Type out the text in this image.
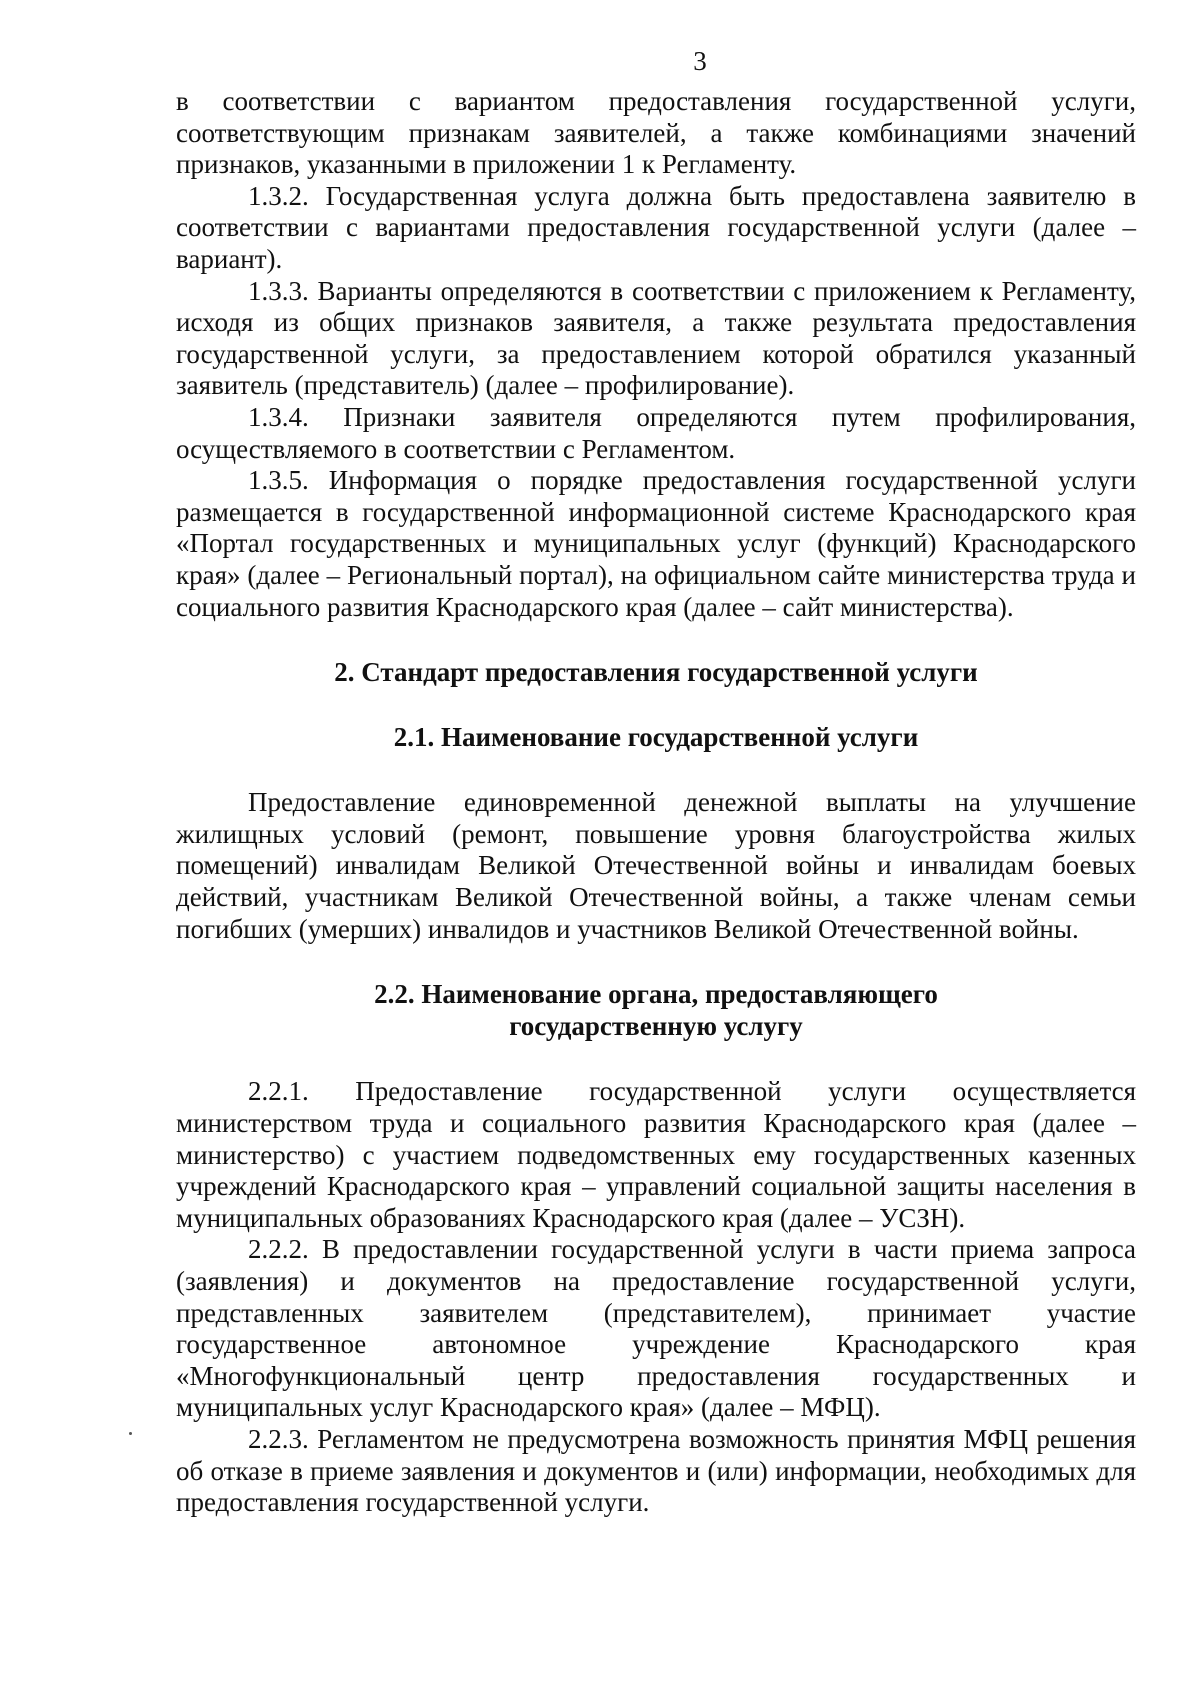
3

в соответствии с вариантом предоставления государственной услуги, соответствующим признакам заявителей, а также комбинациями значений признаков, указанными в приложении 1 к Регламенту.

1.3.2. Государственная услуга должна быть предоставлена заявителю в соответствии с вариантами предоставления государственной услуги (далее – вариант).

1.3.3. Варианты определяются в соответствии с приложением к Регламенту, исходя из общих признаков заявителя, а также результата предоставления государственной услуги, за предоставлением которой обратился указанный заявитель (представитель) (далее – профилирование).

1.3.4. Признаки заявителя определяются путем профилирования, осуществляемого в соответствии с Регламентом.

1.3.5. Информация о порядке предоставления государственной услуги размещается в государственной информационной системе Краснодарского края «Портал государственных и муниципальных услуг (функций) Краснодарского края» (далее – Региональный портал), на официальном сайте министерства труда и социального развития Краснодарского края (далее – сайт министерства).

2. Стандарт предоставления государственной услуги
2.1. Наименование государственной услуги

Предоставление единовременной денежной выплаты на улучшение жилищных условий (ремонт, повышение уровня благоустройства жилых помещений) инвалидам Великой Отечественной войны и инвалидам боевых действий, участникам Великой Отечественной войны, а также членам семьи погибших (умерших) инвалидов и участников Великой Отечественной войны.

2.2. Наименование органа, предоставляющего
государственную услугу

2.2.1. Предоставление государственной услуги осуществляется министерством труда и социального развития Краснодарского края (далее – министерство) с участием подведомственных ему государственных казенных учреждений Краснодарского края – управлений социальной защиты населения в муниципальных образованиях Краснодарского края (далее – УСЗН).

2.2.2. В предоставлении государственной услуги в части приема запроса (заявления) и документов на предоставление государственной услуги, представленных заявителем (представителем), принимает участие государственное автономное учреждение Краснодарского края «Многофункциональный центр предоставления государственных и муниципальных услуг Краснодарского края» (далее – МФЦ).

2.2.3. Регламентом не предусмотрена возможность принятия МФЦ решения об отказе в приеме заявления и документов и (или) информации, необходимых для предоставления государственной услуги.
